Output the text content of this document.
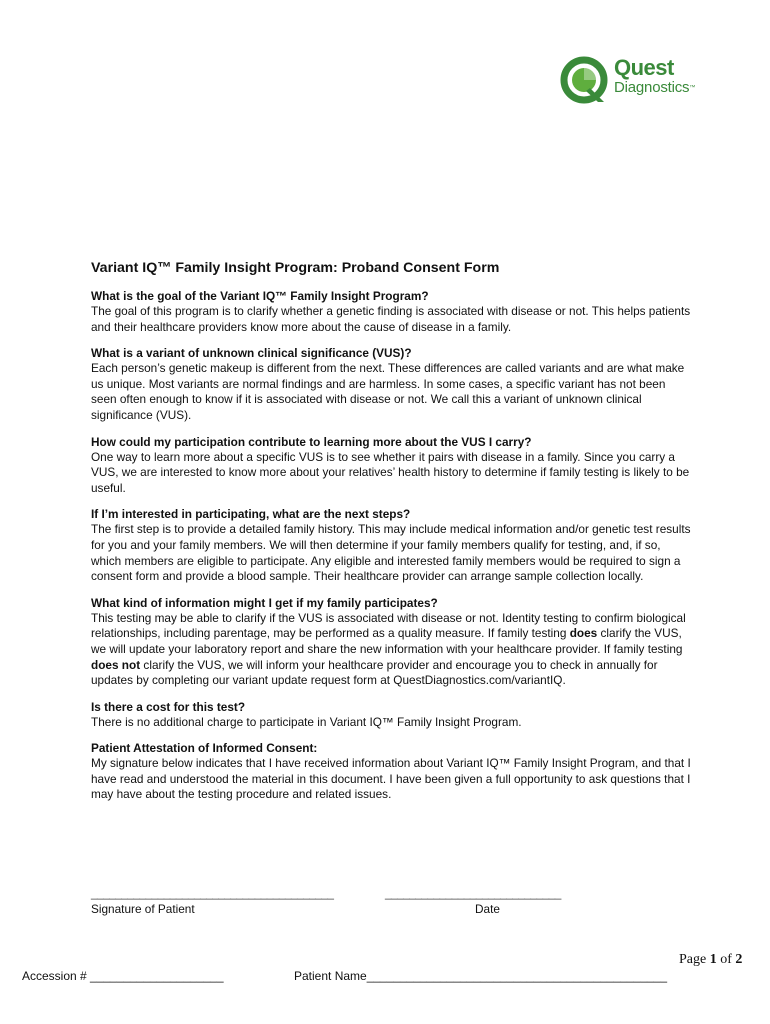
Quest
Diagnostics™
Variant IQ™ Family Insight Program: Proband Consent Form
What is the goal of the Variant IQ™ Family Insight Program?
The goal of this program is to clarify whether a genetic finding is associated with disease or not. This helps patients and their healthcare providers know more about the cause of disease in a family.
What is a variant of unknown clinical significance (VUS)?
Each person’s genetic makeup is different from the next. These differences are called variants and are what make us unique. Most variants are normal findings and are harmless. In some cases, a specific variant has not been seen often enough to know if it is associated with disease or not. We call this a variant of unknown clinical significance (VUS).
How could my participation contribute to learning more about the VUS I carry?
One way to learn more about a specific VUS is to see whether it pairs with disease in a family. Since you carry a VUS, we are interested to know more about your relatives’ health history to determine if family testing is likely to be useful.
If I’m interested in participating, what are the next steps?
The first step is to provide a detailed family history. This may include medical information and/or genetic test results for you and your family members. We will then determine if your family members qualify for testing, and, if so, which members are eligible to participate. Any eligible and interested family members would be required to sign a consent form and provide a blood sample. Their healthcare provider can arrange sample collection locally.
What kind of information might I get if my family participates?
This testing may be able to clarify if the VUS is associated with disease or not. Identity testing to confirm biological relationships, including parentage, may be performed as a quality measure. If family testing does clarify the VUS, we will update your laboratory report and share the new information with your healthcare provider. If family testing does not clarify the VUS, we will inform your healthcare provider and encourage you to check in annually for updates by completing our variant update request form at QuestDiagnostics.com/variantIQ.
Is there a cost for this test?
There is no additional charge to participate in Variant IQ™ Family Insight Program.
Patient Attestation of Informed Consent:
My signature below indicates that I have received information about Variant IQ™ Family Insight Program, and that I have read and understood the material in this document. I have been given a full opportunity to ask questions that I may have about the testing procedure and related issues.
________________________________________
Signature of Patient
_____________________________
Date
Page 1 of 2
Accession # ____________________	Patient Name_____________________________________________
